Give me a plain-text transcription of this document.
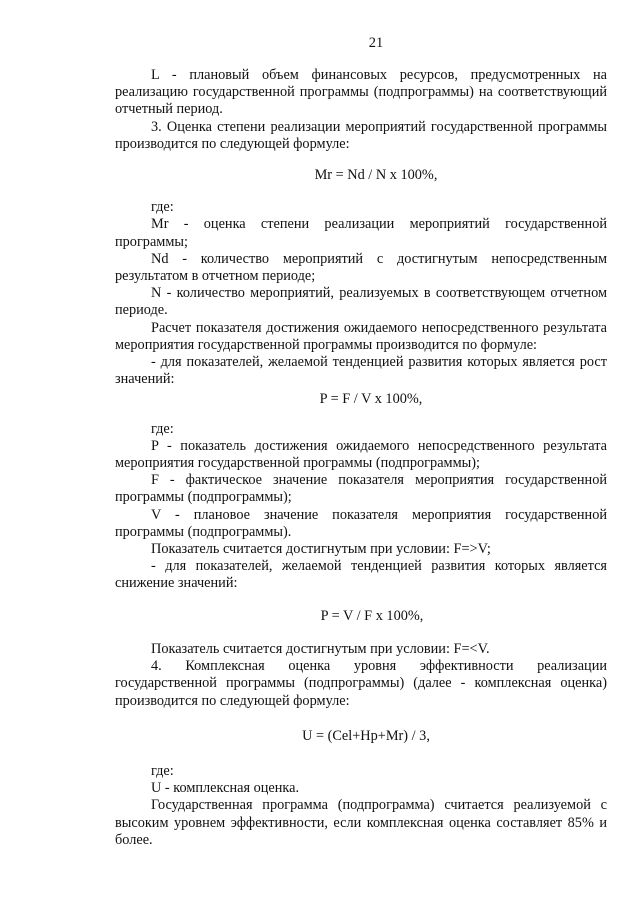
21

L - плановый объем финансовых ресурсов, предусмотренных на реализацию государственной программы (подпрограммы) на соответствующий отчетный период.

3. Оценка степени реализации мероприятий государственной программы производится по следующей формуле:

Mr = Nd / N x 100%,

где:

Mr - оценка степени реализации мероприятий государственной программы;

Nd - количество мероприятий с достигнутым непосредственным результатом в отчетном периоде;

N - количество мероприятий, реализуемых в соответствующем отчетном периоде.

Расчет показателя достижения ожидаемого непосредственного результата мероприятия государственной программы производится по формуле:

- для показателей, желаемой тенденцией развития которых является рост значений:

P = F / V x 100%,

где:

P - показатель достижения ожидаемого непосредственного результата мероприятия государственной программы (подпрограммы);

F - фактическое значение показателя мероприятия государственной программы (подпрограммы);

V - плановое значение показателя мероприятия государственной программы (подпрограммы).

Показатель считается достигнутым при условии: F=>V;

- для показателей, желаемой тенденцией развития которых является снижение значений:

P = V / F x 100%,

Показатель считается достигнутым при условии: F=<V.

4. Комплексная оценка уровня эффективности реализации государственной программы (подпрограммы) (далее - комплексная оценка) производится по следующей формуле:

U = (Cel+Hp+Mr) / 3,

где:

U - комплексная оценка.

Государственная программа (подпрограмма) считается реализуемой с высоким уровнем эффективности, если комплексная оценка составляет 85% и более.
